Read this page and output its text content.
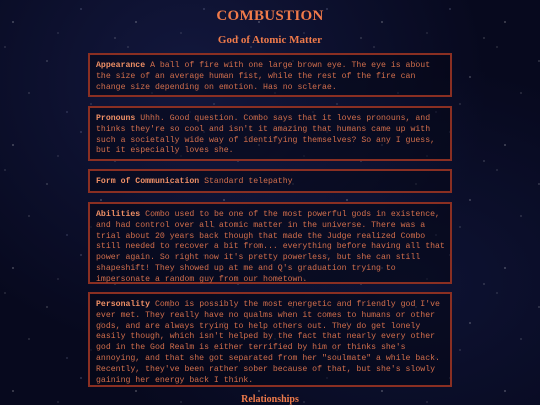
COMBUSTION
God of Atomic Matter
Appearance A ball of fire with one large brown eye. The eye is about the size of an average human fist, while the rest of the fire can change size depending on emotion. Has no sclerae.
Pronouns Uhhh. Good question. Combo says that it loves pronouns, and thinks they're so cool and isn't it amazing that humans came up with such a societally wide way of identifying themselves? So any I guess, but it especially loves she.
Form of Communication Standard telepathy
Abilities Combo used to be one of the most powerful gods in existence, and had control over all atomic matter in the universe. There was a trial about 20 years back though that made the Judge realized Combo still needed to recover a bit from... everything before having all that power again. So right now it's pretty powerless, but she can still shapeshift! They showed up at me and Q's graduation trying to impersonate a random guy from our hometown.
Personality Combo is possibly the most energetic and friendly god I've ever met. They really have no qualms when it comes to humans or other gods, and are always trying to help others out. They do get lonely easily though, which isn't helped by the fact that nearly every other god in the God Realm is either terrified by him or thinks she's annoying, and that she got separated from her "soulmate" a while back. Recently, they've been rather sober because of that, but she's slowly gaining her energy back I think.
Relationships
